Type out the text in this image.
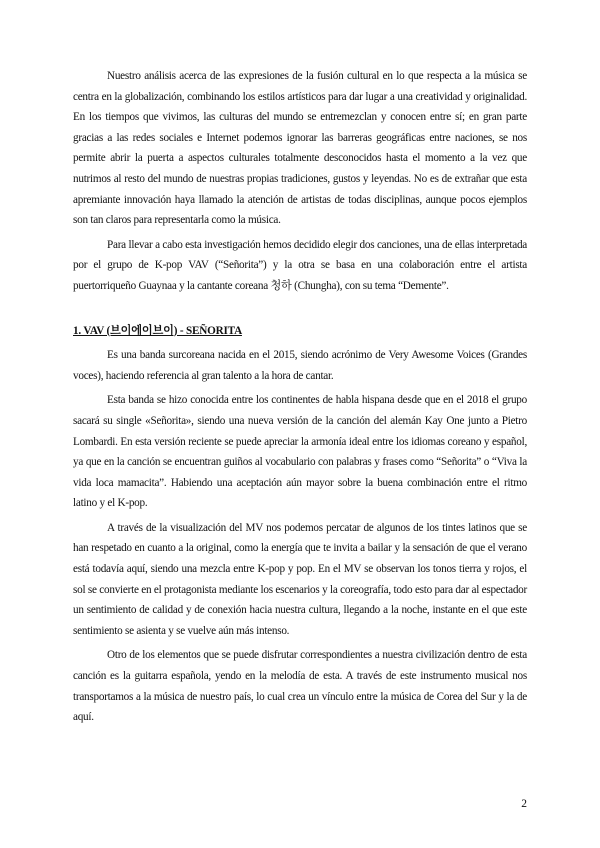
Nuestro análisis acerca de las expresiones de la fusión cultural en lo que respecta a la música se centra en la globalización, combinando los estilos artísticos para dar lugar a una creatividad y originalidad. En los tiempos que vivimos, las culturas del mundo se entremezclan y conocen entre sí; en gran parte gracias a las redes sociales e Internet podemos ignorar las barreras geográficas entre naciones, se nos permite abrir la puerta a aspectos culturales totalmente desconocidos hasta el momento a la vez que nutrimos al resto del mundo de nuestras propias tradiciones, gustos y leyendas. No es de extrañar que esta apremiante innovación haya llamado la atención de artistas de todas disciplinas, aunque pocos ejemplos son tan claros para representarla como la música.

Para llevar a cabo esta investigación hemos decidido elegir dos canciones, una de ellas interpretada por el grupo de K-pop VAV (“Señorita”) y la otra se basa en una colaboración entre el artista puertorriqueño Guaynaa y la cantante coreana 청하 (Chungha), con su tema “Demente”.

1. VAV (브이에이브이) - SEÑORITA

Es una banda surcoreana nacida en el 2015, siendo acrónimo de Very Awesome Voices (Grandes voces), haciendo referencia al gran talento a la hora de cantar.

Esta banda se hizo conocida entre los continentes de habla hispana desde que en el 2018 el grupo sacará su single «Señorita», siendo una nueva versión de la canción del alemán Kay One junto a Pietro Lombardi. En esta versión reciente se puede apreciar la armonía ideal entre los idiomas coreano y español, ya que en la canción se encuentran guiños al vocabulario con palabras y frases como “Señorita” o “Viva la vida loca mamacita”. Habiendo una aceptación aún mayor sobre la buena combinación entre el ritmo latino y el K-pop.

A través de la visualización del MV nos podemos percatar de algunos de los tintes latinos que se han respetado en cuanto a la original, como la energía que te invita a bailar y la sensación de que el verano está todavía aquí, siendo una mezcla entre K-pop y pop. En el MV se observan los tonos tierra y rojos, el sol se convierte en el protagonista mediante los escenarios y la coreografía, todo esto para dar al espectador un sentimiento de calidad y de conexión hacia nuestra cultura, llegando a la noche, instante en el que este sentimiento se asienta y se vuelve aún más intenso.

Otro de los elementos que se puede disfrutar correspondientes a nuestra civilización dentro de esta canción es la guitarra española, yendo en la melodía de esta. A través de este instrumento musical nos transportamos a la música de nuestro país, lo cual crea un vínculo entre la música de Corea del Sur y la de aquí.

2
